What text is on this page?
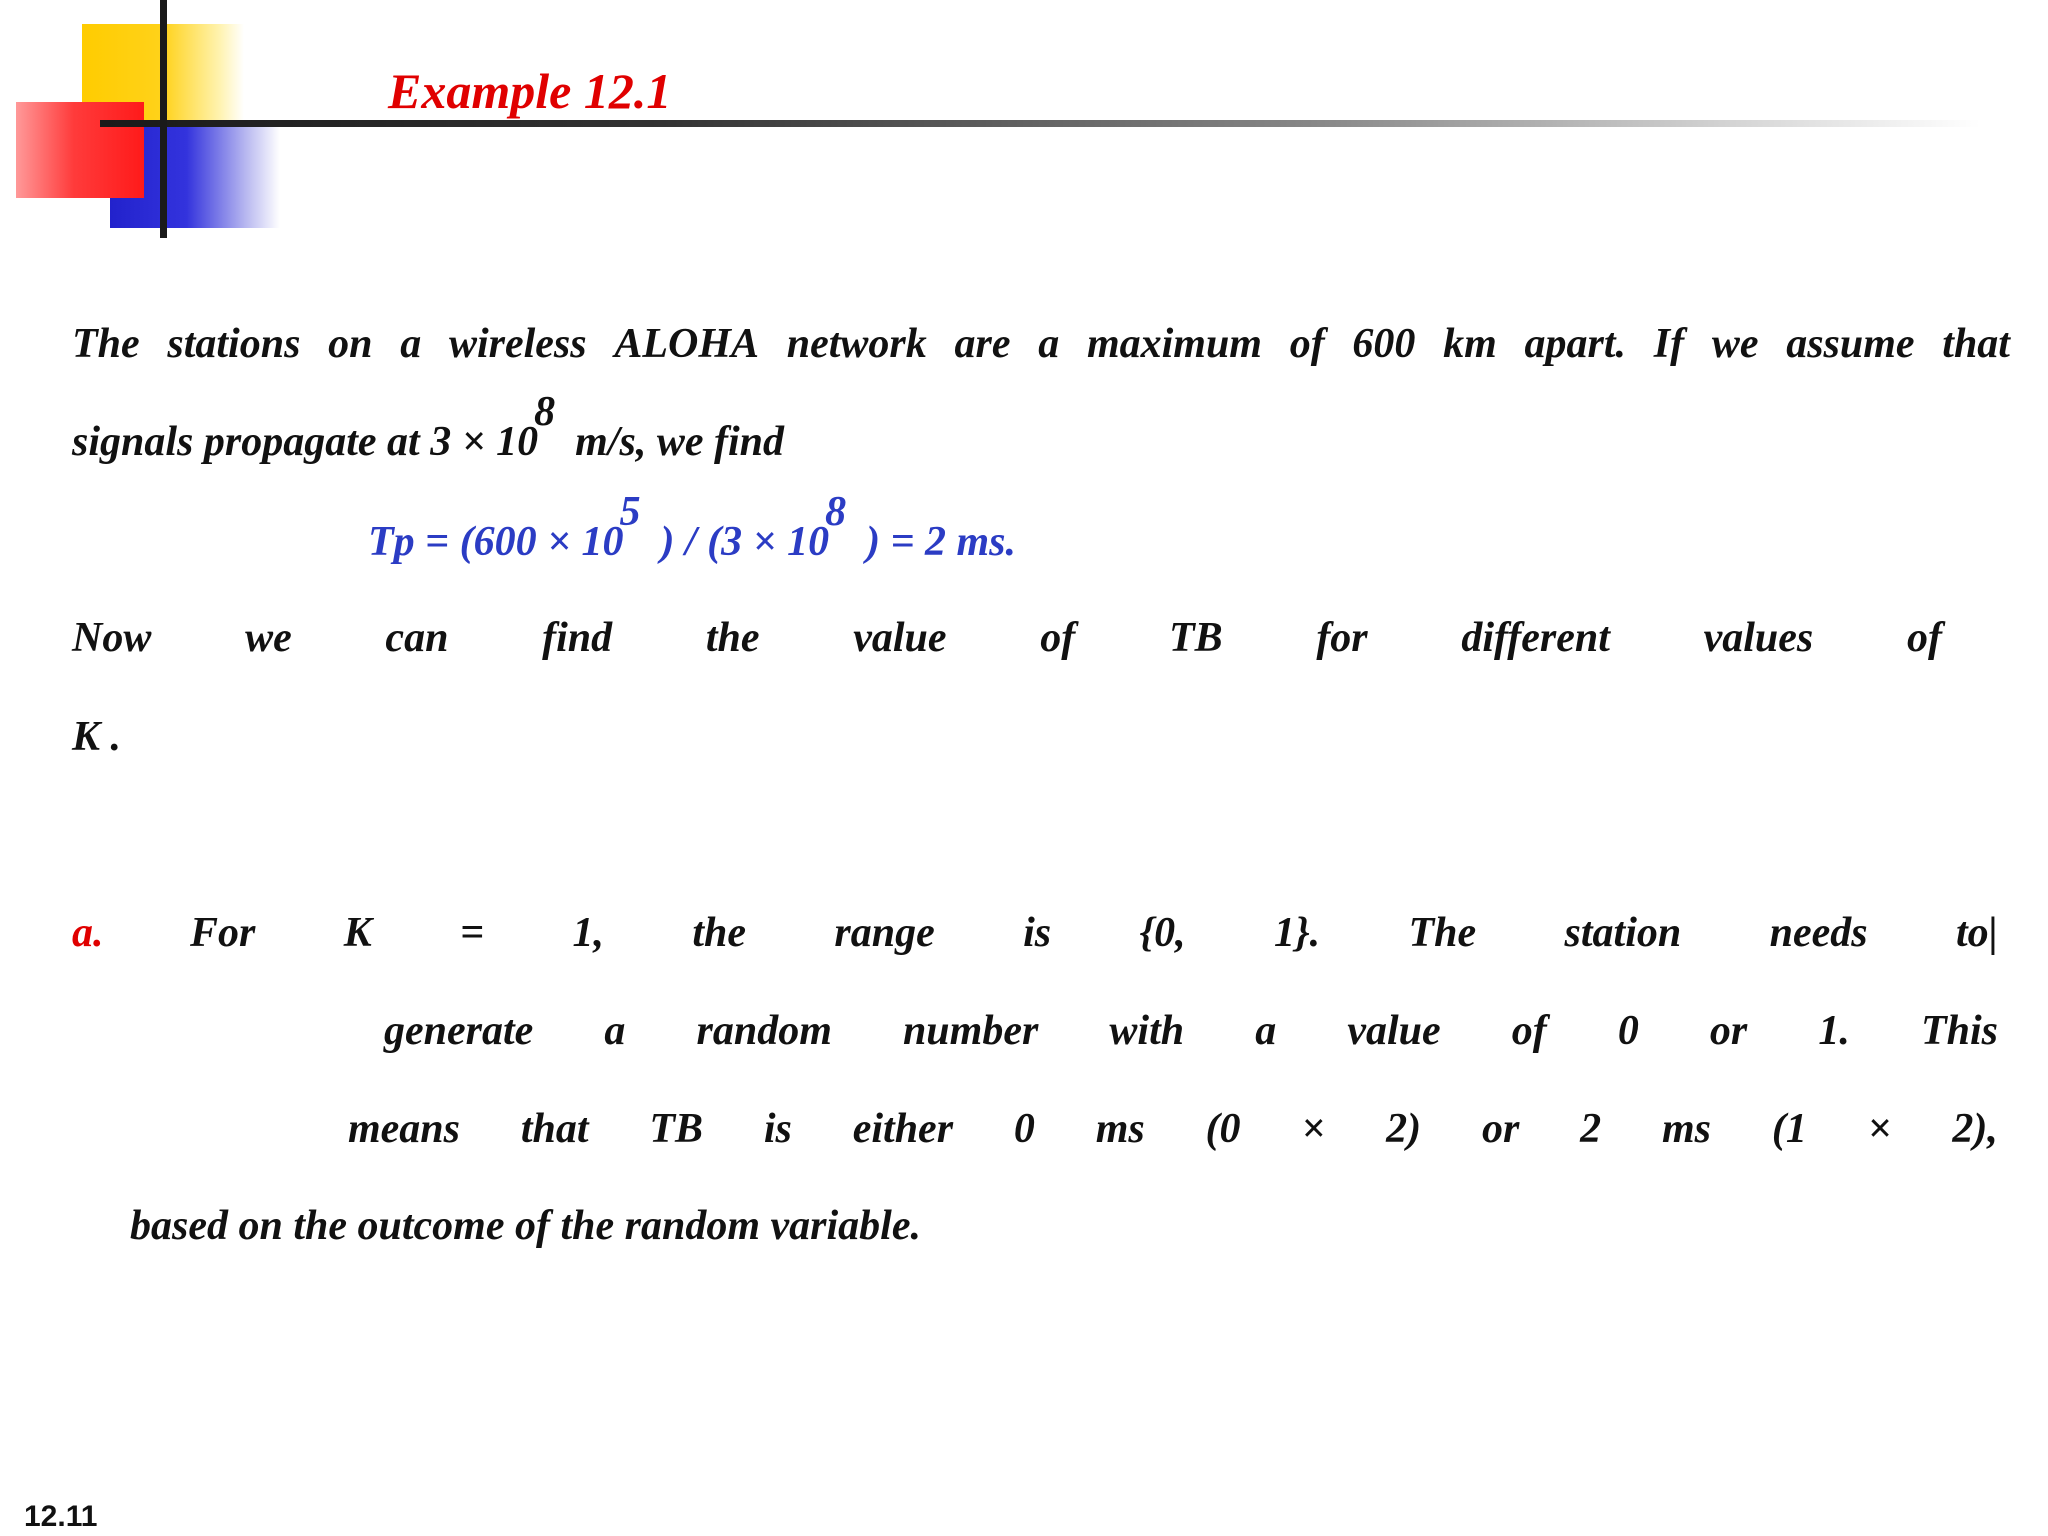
Example 12.1
The stations on a wireless ALOHA network are a maximum of 600 km apart. If we assume that
signals propagate at 3 × 108m/s, we find
Tp = (600 × 105) / (3 × 108) = 2 ms.
Now we can find the value of TB for different values of
K .
a. For K = 1, the range is {0, 1}. The station needs to|
generate a random number with a value of 0 or 1. This
means that TB is either 0 ms (0 × 2) or 2 ms (1 × 2),
based on the outcome of the random variable.
12.11
